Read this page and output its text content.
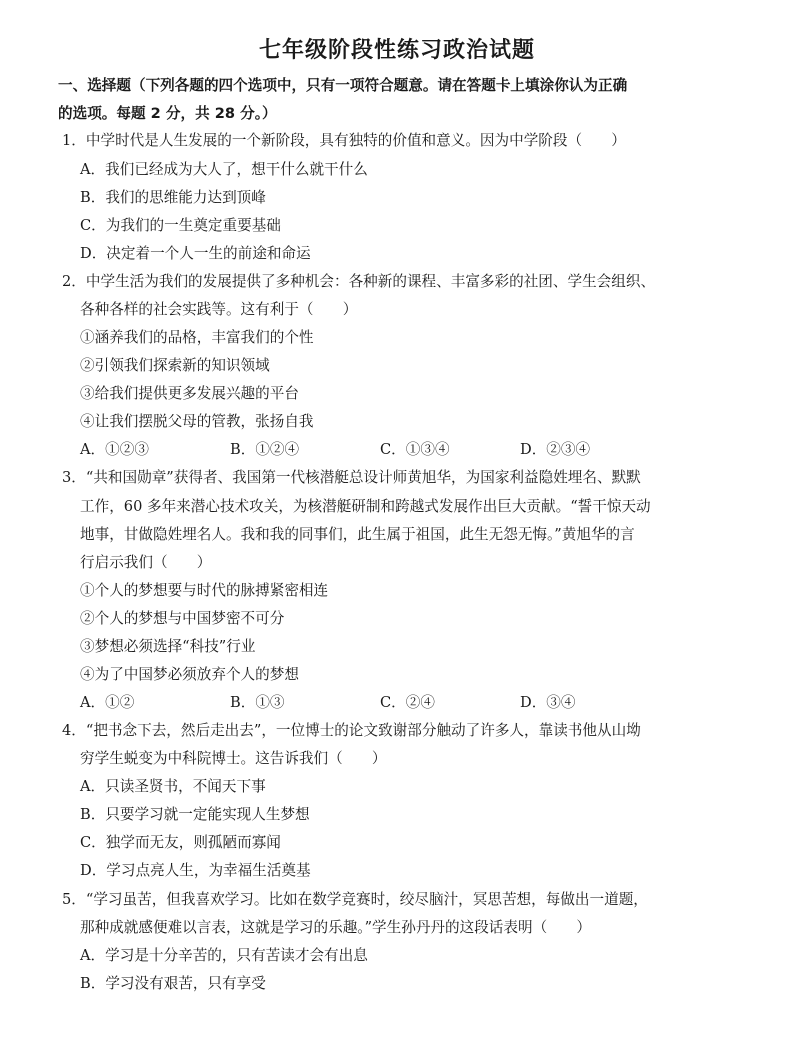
七年级阶段性练习政治试题
一、选择题（下列各题的四个选项中，只有一项符合题意。请在答题卡上填涂你认为正确
的选项。每题 2 分，共 28 分。）
1．中学时代是人生发展的一个新阶段，具有独特的价值和意义。因为中学阶段（　　）
A．我们已经成为大人了，想干什么就干什么
B．我们的思维能力达到顶峰
C．为我们的一生奠定重要基础
D．决定着一个人一生的前途和命运
2．中学生活为我们的发展提供了多种机会：各种新的课程、丰富多彩的社团、学生会组织、
各种各样的社会实践等。这有利于（　　）
①涵养我们的品格，丰富我们的个性
②引领我们探索新的知识领域
③给我们提供更多发展兴趣的平台
④让我们摆脱父母的管教，张扬自我
A．①②③	B．①②④	C．①③④	D．②③④
3．“共和国勋章”获得者、我国第一代核潜艇总设计师黄旭华，为国家利益隐姓埋名、默默
工作，60 多年来潜心技术攻关，为核潜艇研制和跨越式发展作出巨大贡献。“誓干惊天动
地事，甘做隐姓埋名人。我和我的同事们，此生属于祖国，此生无怨无悔。”黄旭华的言
行启示我们（　　）
①个人的梦想要与时代的脉搏紧密相连
②个人的梦想与中国梦密不可分
③梦想必须选择“科技”行业
④为了中国梦必须放弃个人的梦想
A．①②	B．①③	C．②④	D．③④
4．“把书念下去，然后走出去”，一位博士的论文致谢部分触动了许多人，靠读书他从山坳
穷学生蜕变为中科院博士。这告诉我们（　　）
A．只读圣贤书，不闻天下事
B．只要学习就一定能实现人生梦想
C．独学而无友，则孤陋而寡闻
D．学习点亮人生，为幸福生活奠基
5．“学习虽苦，但我喜欢学习。比如在数学竞赛时，绞尽脑汁，冥思苦想，每做出一道题，
那种成就感便难以言表，这就是学习的乐趣。”学生孙丹丹的这段话表明（　　）
A．学习是十分辛苦的，只有苦读才会有出息
B．学习没有艰苦，只有享受
